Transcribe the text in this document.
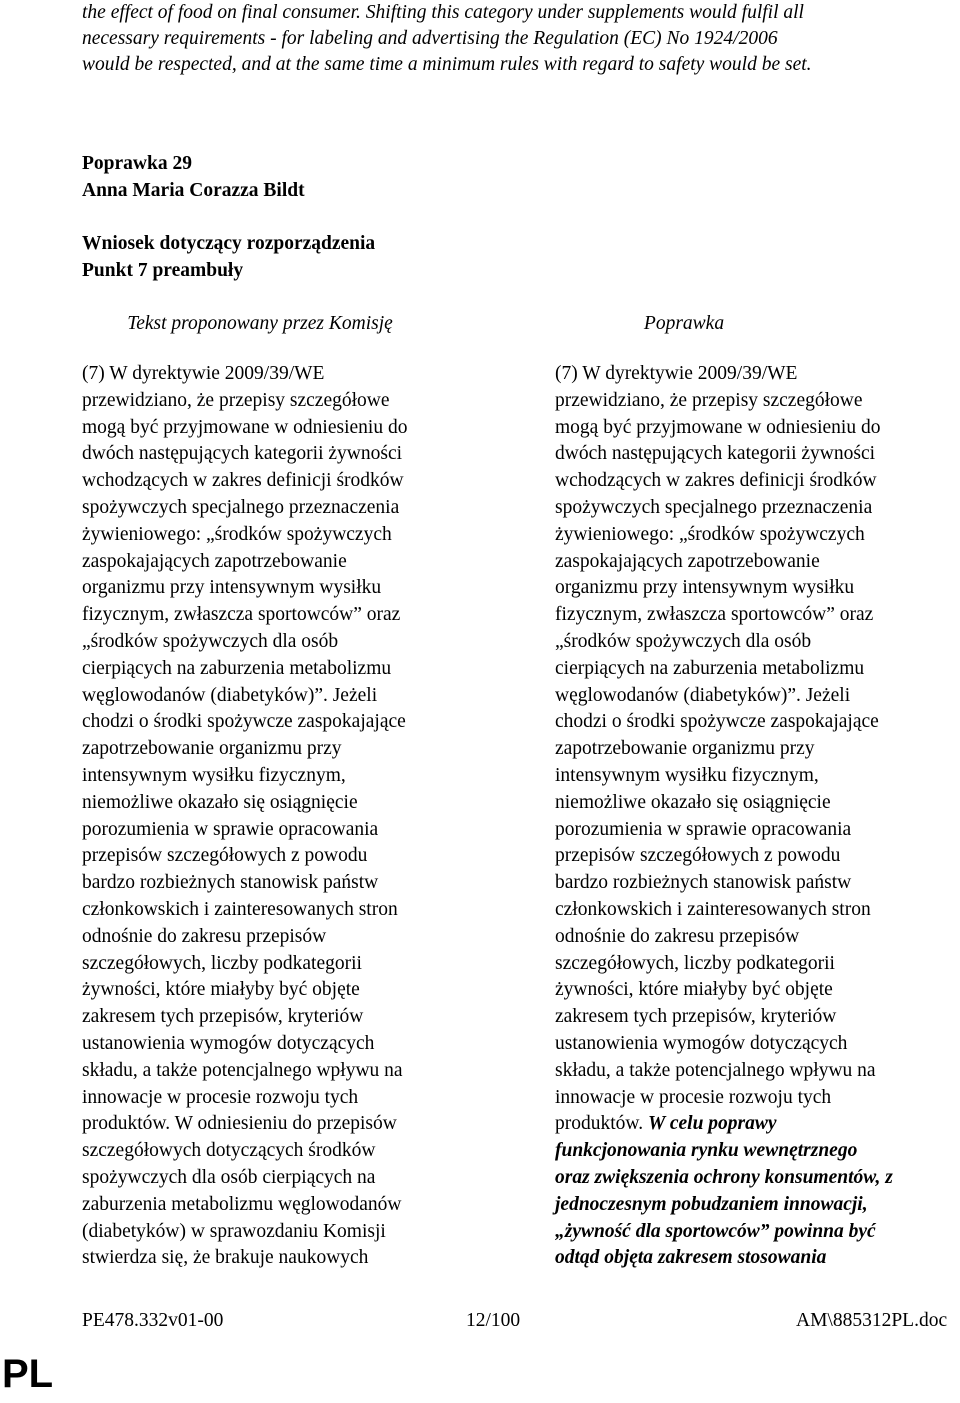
the effect of food on final consumer. Shifting this category under supplements would fulfil all
necessary requirements - for labeling and advertising the Regulation (EC) No 1924/2006
would be respected, and at the same time a minimum rules with regard to safety would be set.
Poprawka 29
Anna Maria Corazza Bildt
Wniosek dotyczący rozporządzenia
Punkt 7 preambuły
Tekst proponowany przez Komisję	Poprawka
(7) W dyrektywie 2009/39/WE
przewidziano, że przepisy szczegółowe
mogą być przyjmowane w odniesieniu do
dwóch następujących kategorii żywności
wchodzących w zakres definicji środków
spożywczych specjalnego przeznaczenia
żywieniowego: „środków spożywczych
zaspokajających zapotrzebowanie
organizmu przy intensywnym wysiłku
fizycznym, zwłaszcza sportowców” oraz
„środków spożywczych dla osób
cierpiących na zaburzenia metabolizmu
węglowodanów (diabetyków)”. Jeżeli
chodzi o środki spożywcze zaspokajające
zapotrzebowanie organizmu przy
intensywnym wysiłku fizycznym,
niemożliwe okazało się osiągnięcie
porozumienia w sprawie opracowania
przepisów szczegółowych z powodu
bardzo rozbieżnych stanowisk państw
członkowskich i zainteresowanych stron
odnośnie do zakresu przepisów
szczegółowych, liczby podkategorii
żywności, które miałyby być objęte
zakresem tych przepisów, kryteriów
ustanowienia wymogów dotyczących
składu, a także potencjalnego wpływu na
innowacje w procesie rozwoju tych
produktów. W odniesieniu do przepisów
szczegółowych dotyczących środków
spożywczych dla osób cierpiących na
zaburzenia metabolizmu węglowodanów
(diabetyków) w sprawozdaniu Komisji
stwierdza się, że brakuje naukowych
(7) W dyrektywie 2009/39/WE
przewidziano, że przepisy szczegółowe
mogą być przyjmowane w odniesieniu do
dwóch następujących kategorii żywności
wchodzących w zakres definicji środków
spożywczych specjalnego przeznaczenia
żywieniowego: „środków spożywczych
zaspokajających zapotrzebowanie
organizmu przy intensywnym wysiłku
fizycznym, zwłaszcza sportowców” oraz
„środków spożywczych dla osób
cierpiących na zaburzenia metabolizmu
węglowodanów (diabetyków)”. Jeżeli
chodzi o środki spożywcze zaspokajające
zapotrzebowanie organizmu przy
intensywnym wysiłku fizycznym,
niemożliwe okazało się osiągnięcie
porozumienia w sprawie opracowania
przepisów szczegółowych z powodu
bardzo rozbieżnych stanowisk państw
członkowskich i zainteresowanych stron
odnośnie do zakresu przepisów
szczegółowych, liczby podkategorii
żywności, które miałyby być objęte
zakresem tych przepisów, kryteriów
ustanowienia wymogów dotyczących
składu, a także potencjalnego wpływu na
innowacje w procesie rozwoju tych
produktów. W celu poprawy
funkcjonowania rynku wewnętrznego
oraz zwiększenia ochrony konsumentów, z
jednoczesnym pobudzaniem innowacji,
„żywność dla sportowców” powinna być
odtąd objęta zakresem stosowania
PE478.332v01-00	12/100	AM\885312PL.doc
PL
